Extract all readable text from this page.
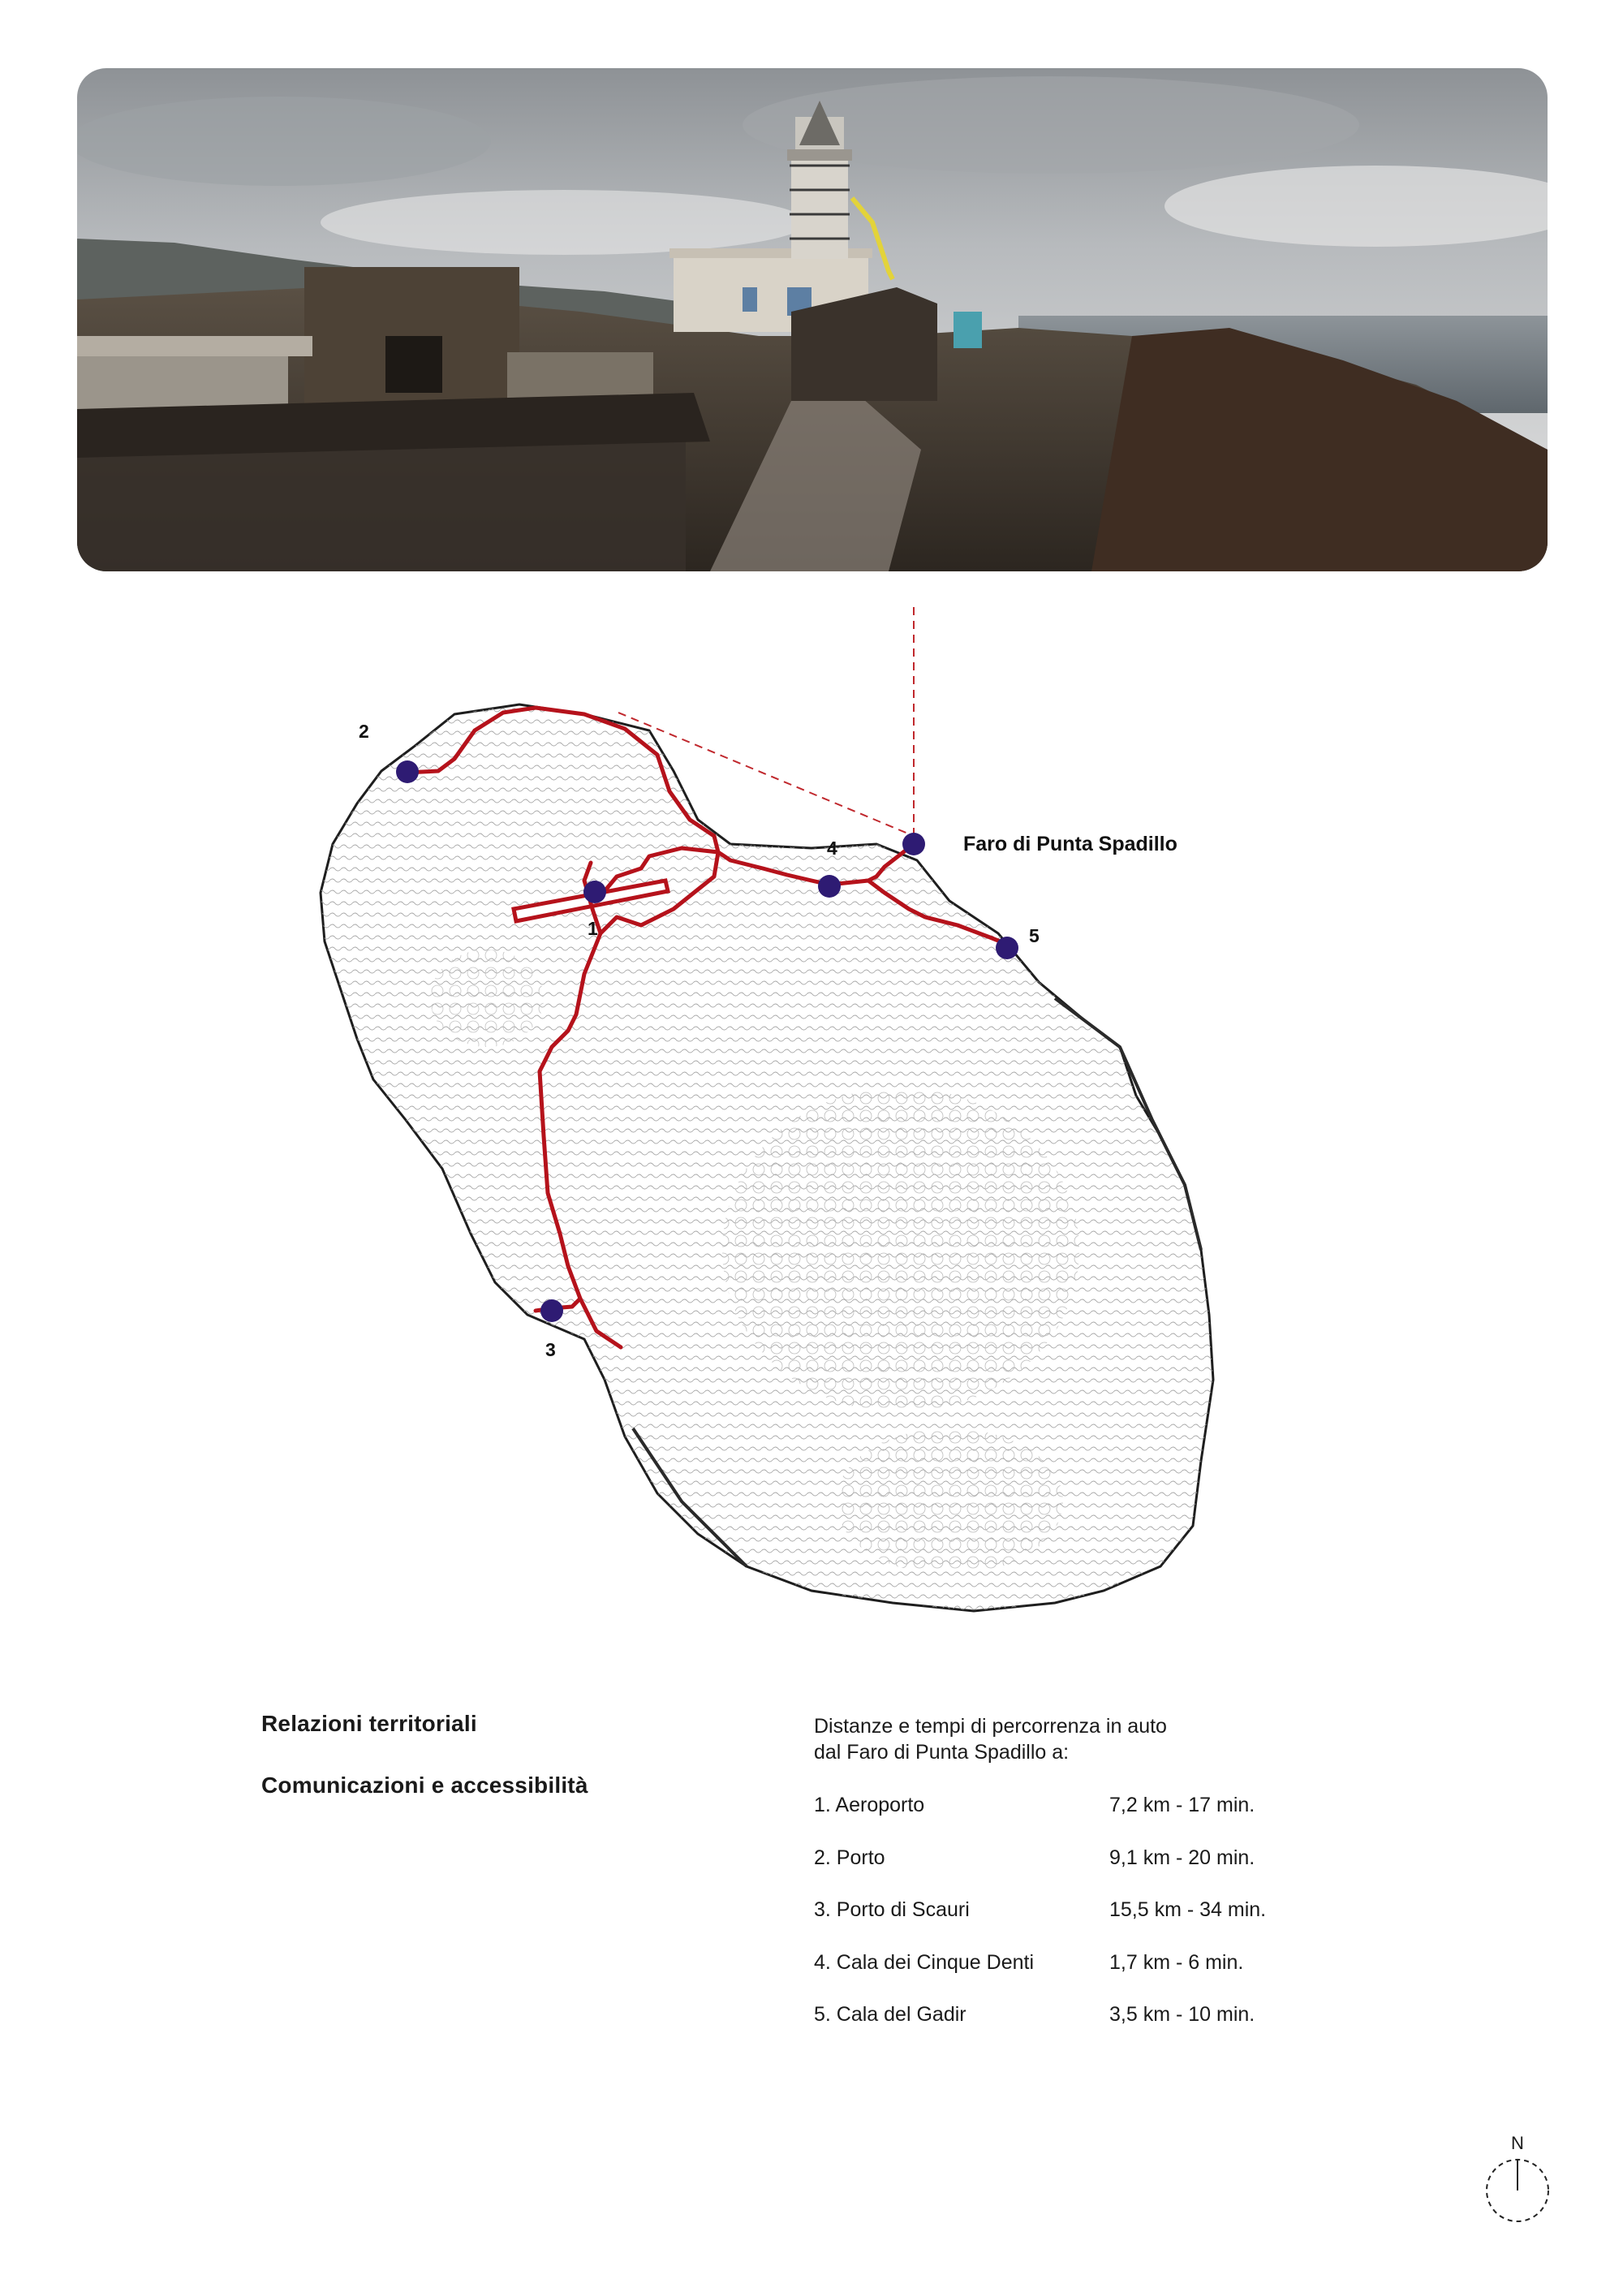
2
1
4
5
3
Faro di Punta Spadillo
Relazioni territoriali
Comunicazioni e accessibilità
Distanze e tempi di percorrenza in auto
dal Faro di Punta Spadillo a:
1. Aeroporto	7,2 km - 17 min.
2. Porto	9,1 km - 20 min.
3. Porto di Scauri	15,5 km - 34 min.
4. Cala dei Cinque Denti	1,7 km - 6 min.
5. Cala del Gadir	3,5 km - 10 min.
N
